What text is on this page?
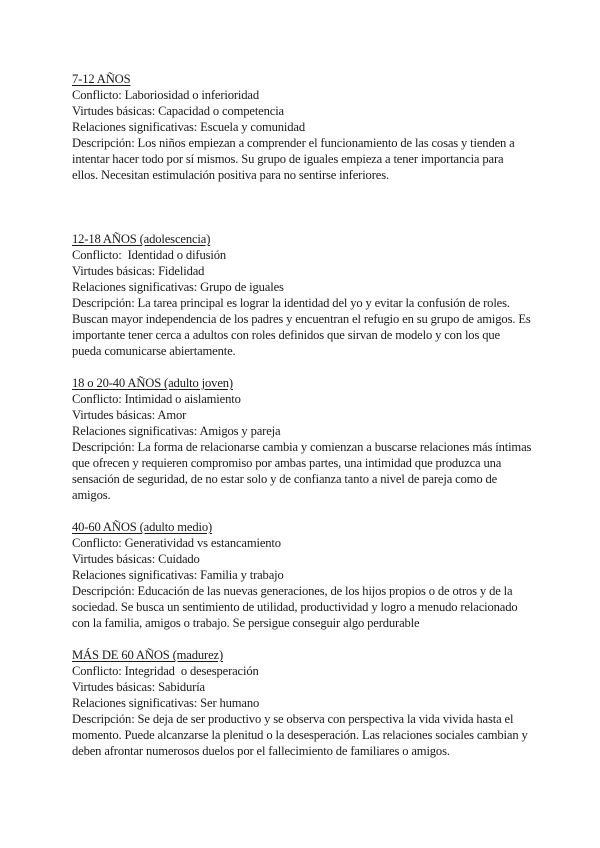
7-12 AÑOS
Conflicto: Laboriosidad o inferioridad
Virtudes básicas: Capacidad o competencia
Relaciones significativas: Escuela y comunidad
Descripción: Los niños empiezan a comprender el funcionamiento de las cosas y tienden a intentar hacer todo por sí mismos. Su grupo de iguales empieza a tener importancia para ellos. Necesitan estimulación positiva para no sentirse inferiores.
12-18 AÑOS (adolescencia)
Conflicto:  Identidad o difusión
Virtudes básicas: Fidelidad
Relaciones significativas: Grupo de iguales
Descripción: La tarea principal es lograr la identidad del yo y evitar la confusión de roles. Buscan mayor independencia de los padres y encuentran el refugio en su grupo de amigos. Es importante tener cerca a adultos con roles definidos que sirvan de modelo y con los que pueda comunicarse abiertamente.
18 o 20-40 AÑOS (adulto joven)
Conflicto: Intimidad o aislamiento
Virtudes básicas: Amor
Relaciones significativas: Amigos y pareja
Descripción: La forma de relacionarse cambia y comienzan a buscarse relaciones más íntimas que ofrecen y requieren compromiso por ambas partes, una intimidad que produzca una sensación de seguridad, de no estar solo y de confianza tanto a nivel de pareja como de amigos.
40-60 AÑOS (adulto medio)
Conflicto: Generatividad vs estancamiento
Virtudes básicas: Cuidado
Relaciones significativas: Familia y trabajo
Descripción: Educación de las nuevas generaciones, de los hijos propios o de otros y de la sociedad. Se busca un sentimiento de utilidad, productividad y logro a menudo relacionado con la familia, amigos o trabajo. Se persigue conseguir algo perdurable
MÁS DE 60 AÑOS (madurez)
Conflicto: Integridad  o desesperación
Virtudes básicas: Sabiduría
Relaciones significativas: Ser humano
Descripción: Se deja de ser productivo y se observa con perspectiva la vida vivida hasta el momento. Puede alcanzarse la plenitud o la desesperación. Las relaciones sociales cambian y deben afrontar numerosos duelos por el fallecimiento de familiares o amigos.
